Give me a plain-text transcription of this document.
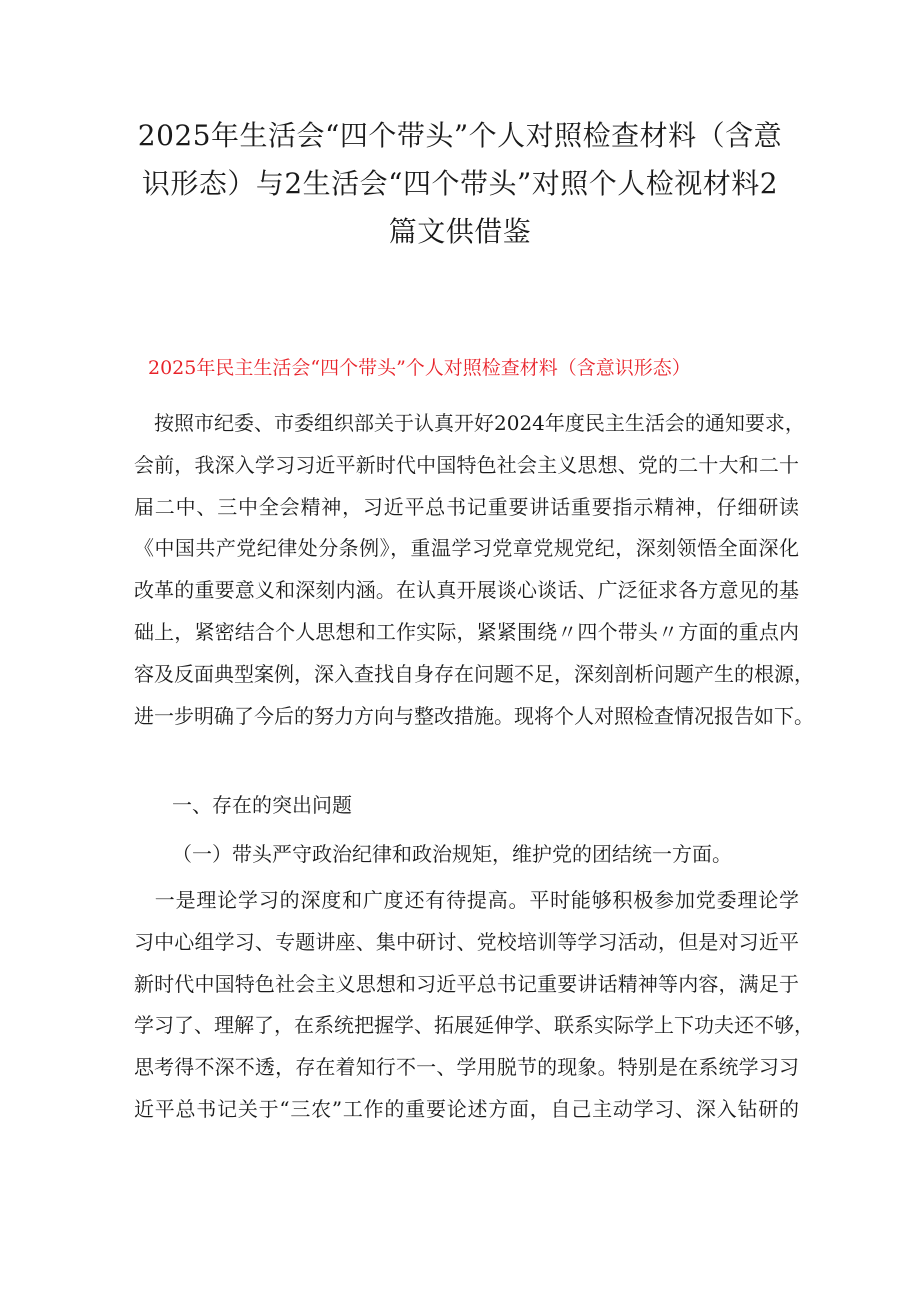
2025年生活会“四个带头”个人对照检查材料（含意
识形态）与2生活会“四个带头”对照个人检视材料2
篇文供借鉴
2025年民主生活会“四个带头”个人对照检查材料（含意识形态）
　按照市纪委、市委组织部关于认真开好2024年度民主生活会的通知要求，
会前，我深入学习习近平新时代中国特色社会主义思想、党的二十大和二十
届二中、三中全会精神，习近平总书记重要讲话重要指示精神，仔细研读
《中国共产党纪律处分条例》，重温学习党章党规党纪，深刻领悟全面深化
改革的重要意义和深刻内涵。在认真开展谈心谈话、广泛征求各方意见的基
础上，紧密结合个人思想和工作实际，紧紧围绕〃四个带头〃方面的重点内
容及反面典型案例，深入查找自身存在问题不足，深刻剖析问题产生的根源，
进一步明确了今后的努力方向与整改措施。现将个人对照检查情况报告如下。

一、存在的突出问题

（一）带头严守政治纪律和政治规矩，维护党的团结统一方面。

　一是理论学习的深度和广度还有待提高。平时能够积极参加党委理论学
习中心组学习、专题讲座、集中研讨、党校培训等学习活动，但是对习近平
新时代中国特色社会主义思想和习近平总书记重要讲话精神等内容，满足于
学习了、理解了，在系统把握学、拓展延伸学、联系实际学上下功夫还不够，
思考得不深不透，存在着知行不一、学用脱节的现象。特别是在系统学习习
近平总书记关于“三农”工作的重要论述方面，自己主动学习、深入钻研的
